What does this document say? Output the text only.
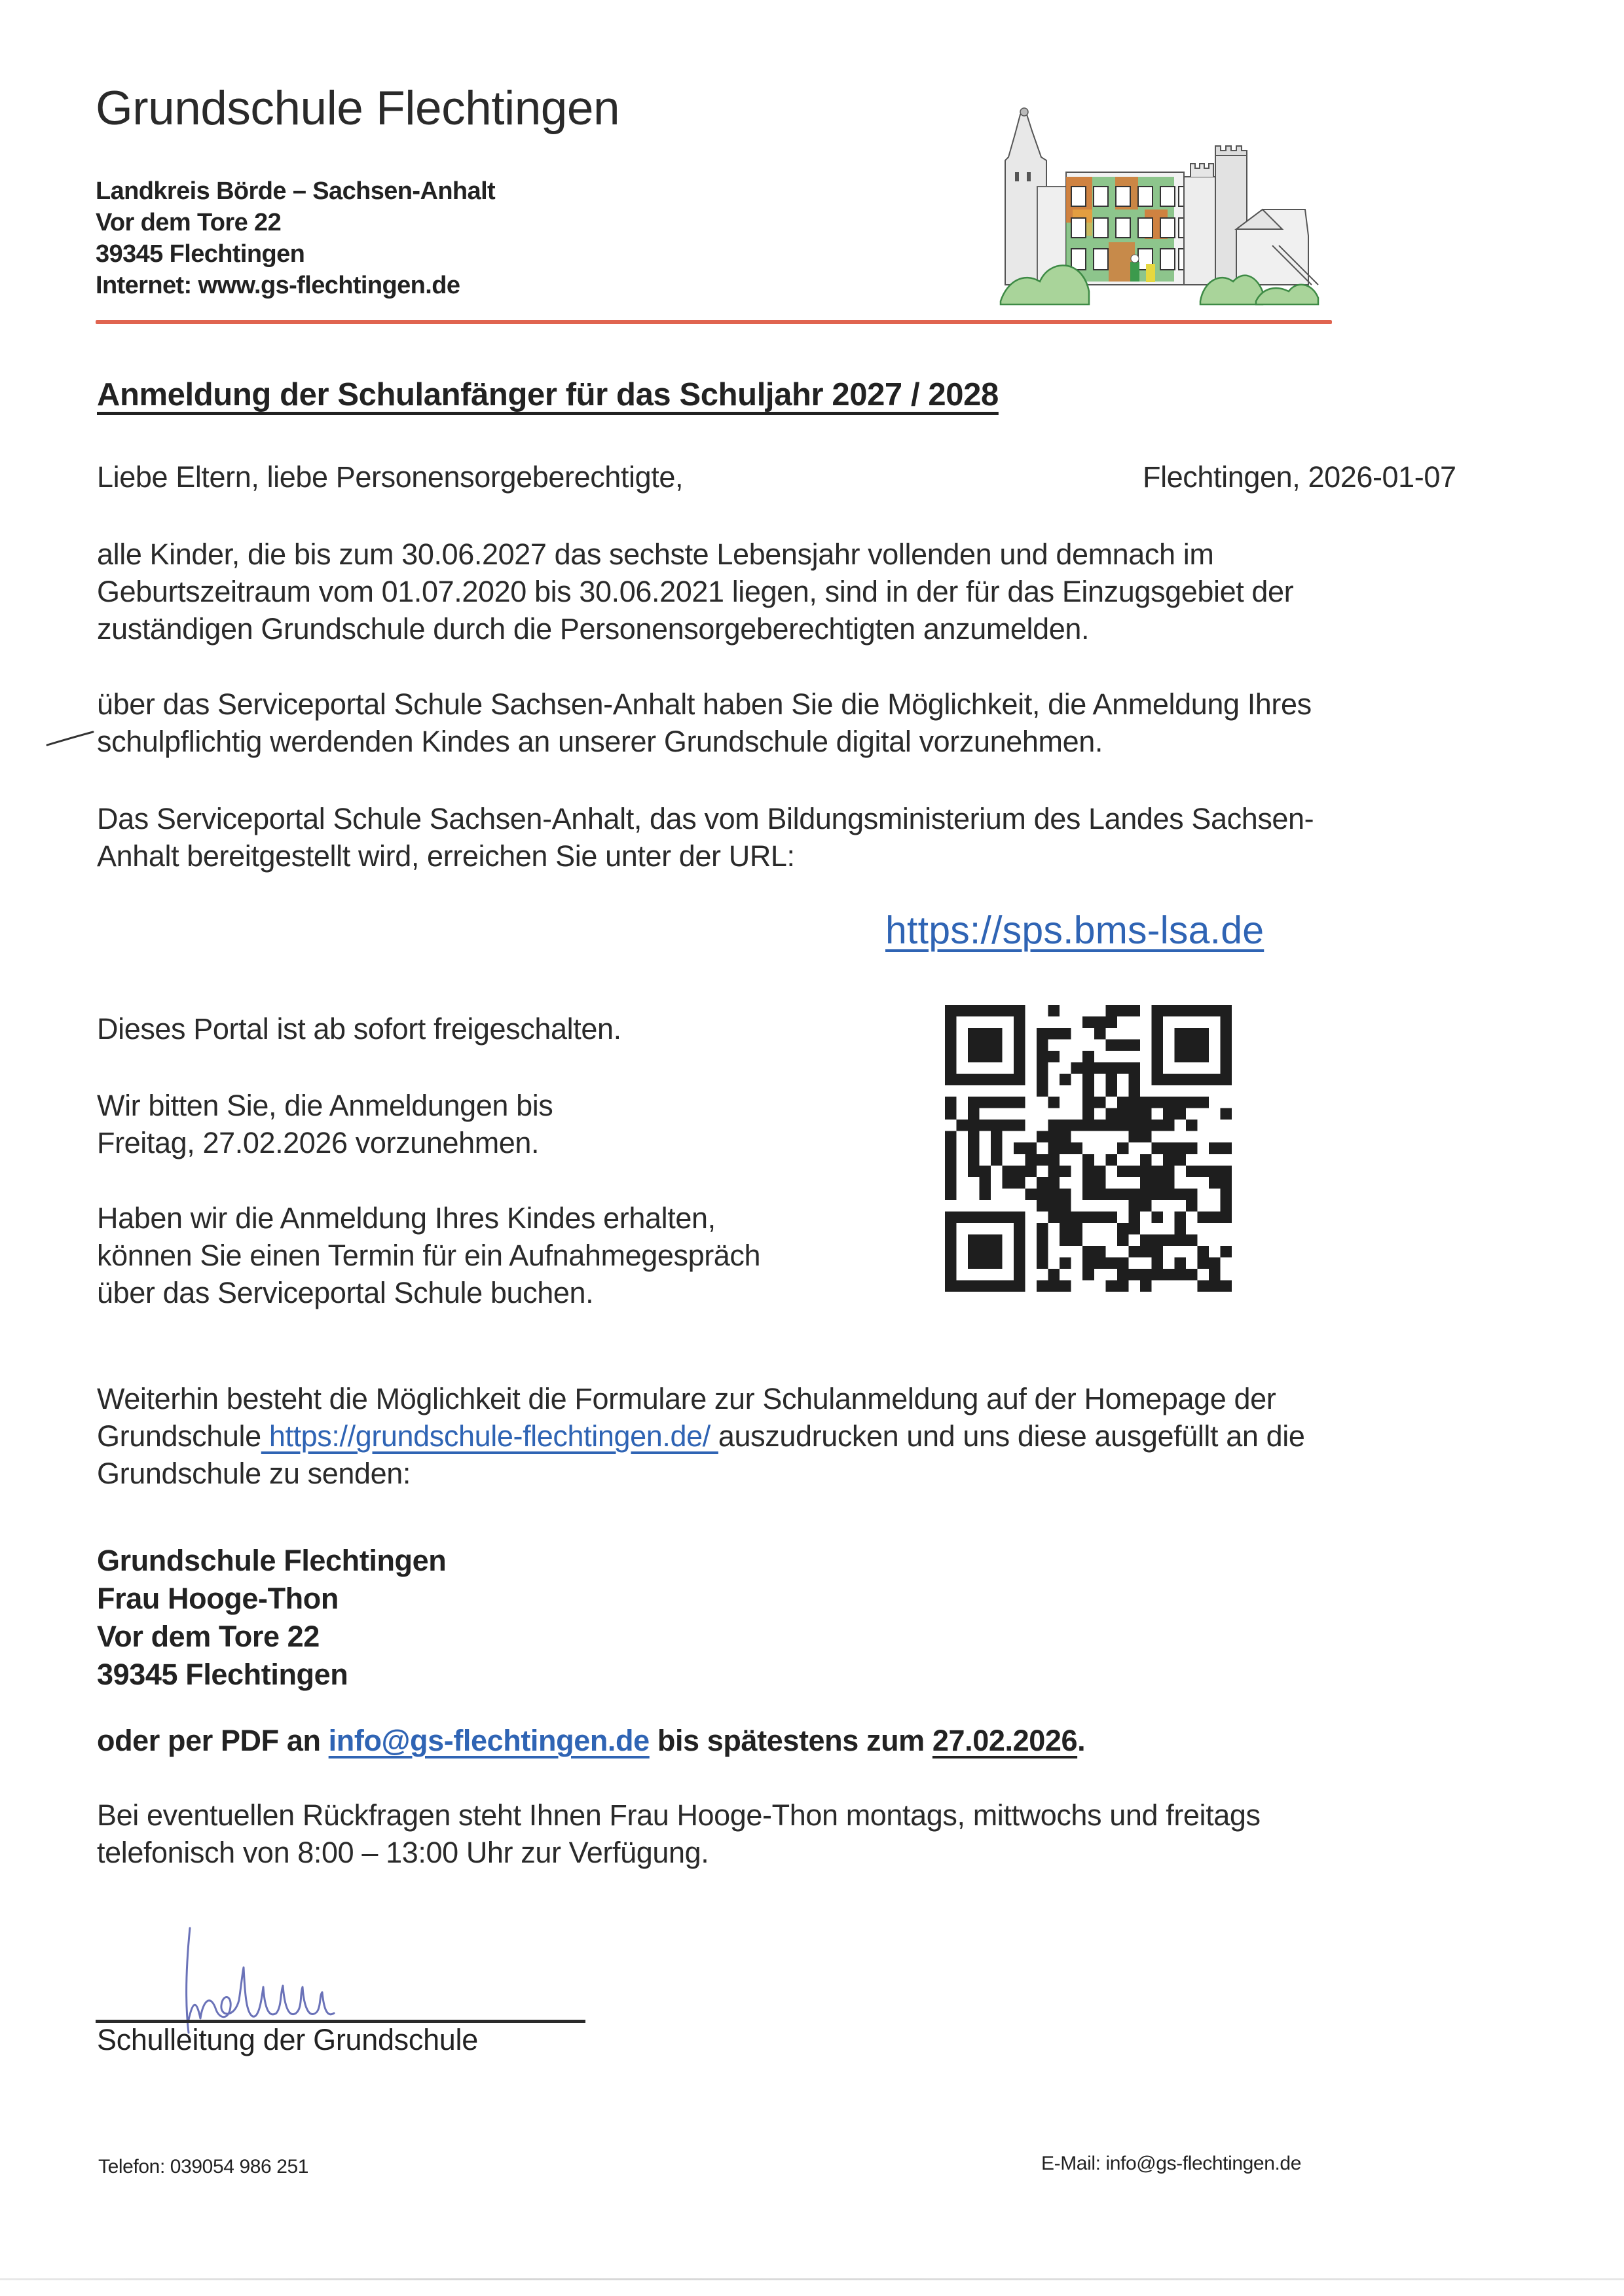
Grundschule Flechtingen
Landkreis Börde – Sachsen-Anhalt
Vor dem Tore 22
39345 Flechtingen
Internet: www.gs-flechtingen.de
Anmeldung der Schulanfänger für das Schuljahr 2027 / 2028
Liebe Eltern, liebe Personensorgeberechtigte,	Flechtingen, 2026-01-07
alle Kinder, die bis zum 30.06.2027 das sechste Lebensjahr vollenden und demnach im
Geburtszeitraum vom 01.07.2020 bis 30.06.2021 liegen, sind in der für das Einzugsgebiet der
zuständigen Grundschule durch die Personensorgeberechtigten anzumelden.
über das Serviceportal Schule Sachsen-Anhalt haben Sie die Möglichkeit, die Anmeldung Ihres
schulpflichtig werdenden Kindes an unserer Grundschule digital vorzunehmen.
Das Serviceportal Schule Sachsen-Anhalt, das vom Bildungsministerium des Landes Sachsen-
Anhalt bereitgestellt wird, erreichen Sie unter der URL:
https://sps.bms-lsa.de
Dieses Portal ist ab sofort freigeschalten.
Wir bitten Sie, die Anmeldungen bis
Freitag, 27.02.2026 vorzunehmen.
Haben wir die Anmeldung Ihres Kindes erhalten,
können Sie einen Termin für ein Aufnahmegespräch
über das Serviceportal Schule buchen.
Weiterhin besteht die Möglichkeit die Formulare zur Schulanmeldung auf der Homepage der
Grundschule https://grundschule-flechtingen.de/ auszudrucken und uns diese ausgefüllt an die
Grundschule zu senden:
Grundschule Flechtingen
Frau Hooge-Thon
Vor dem Tore 22
39345 Flechtingen
oder per PDF an info@gs-flechtingen.de bis spätestens zum 27.02.2026.
Bei eventuellen Rückfragen steht Ihnen Frau Hooge-Thon montags, mittwochs und freitags
telefonisch von 8:00 – 13:00 Uhr zur Verfügung.
Schulleitung der Grundschule
Telefon: 039054 986 251	E-Mail: info@gs-flechtingen.de
